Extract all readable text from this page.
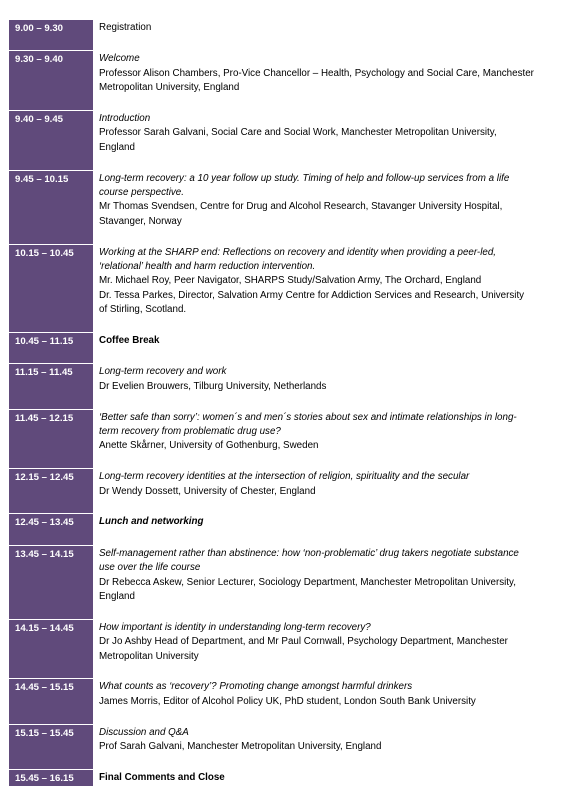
9.00 – 9.30	Registration
9.30 – 9.40	Welcome
Professor Alison Chambers, Pro-Vice Chancellor – Health, Psychology and Social Care, Manchester
Metropolitan University, England
9.40 – 9.45	Introduction
Professor Sarah Galvani, Social Care and Social Work, Manchester Metropolitan University,
England
9.45 – 10.15	Long-term recovery: a 10 year follow up study. Timing of help and follow-up services from a life
course perspective.
Mr Thomas Svendsen, Centre for Drug and Alcohol Research, Stavanger University Hospital,
Stavanger, Norway
10.15 – 10.45	Working at the SHARP end: Reflections on recovery and identity when providing a peer-led,
‘relational’ health and harm reduction intervention.
Mr. Michael Roy, Peer Navigator, SHARPS Study/Salvation Army, The Orchard, England
Dr. Tessa Parkes, Director, Salvation Army Centre for Addiction Services and Research, University
of Stirling, Scotland.
10.45 – 11.15	Coffee Break
11.15 – 11.45	Long-term recovery and work
Dr Evelien Brouwers, Tilburg University, Netherlands
11.45 – 12.15	‘Better safe than sorry’: women´s and men´s stories about sex and intimate relationships in long-
term recovery from problematic drug use?
Anette Skårner, University of Gothenburg, Sweden
12.15 – 12.45	Long-term recovery identities at the intersection of religion, spirituality and the secular
Dr Wendy Dossett, University of Chester, England
12.45 – 13.45	Lunch and networking
13.45 – 14.15	Self-management rather than abstinence: how ‘non-problematic’ drug takers negotiate substance
use over the life course
Dr Rebecca Askew, Senior Lecturer, Sociology Department, Manchester Metropolitan University,
England
14.15 – 14.45	How important is identity in understanding long-term recovery?
Dr Jo Ashby Head of Department, and Mr Paul Cornwall, Psychology Department, Manchester
Metropolitan University
14.45 – 15.15	What counts as ‘recovery’? Promoting change amongst harmful drinkers
James Morris, Editor of Alcohol Policy UK, PhD student, London South Bank University
15.15 – 15.45	Discussion and Q&A
Prof Sarah Galvani, Manchester Metropolitan University, England
15.45 – 16.15	Final Comments and Close
